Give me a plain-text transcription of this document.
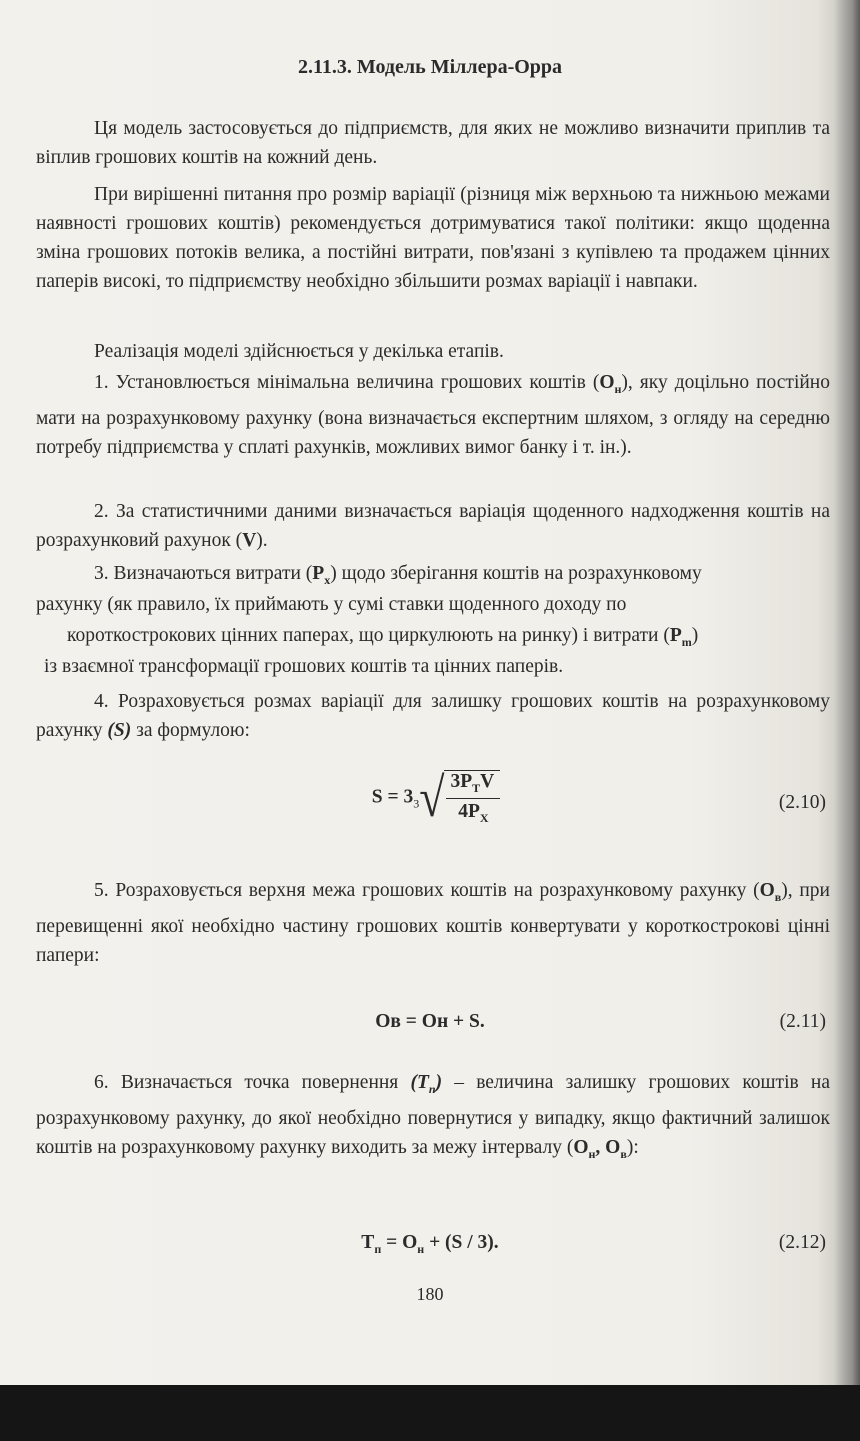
2.11.3. Модель Міллера-Орра

Ця модель застосовується до підприємств, для яких не можливо визначити приплив та віплив грошових коштів на кожний день.

При вирішенні питання про розмір варіації (різниця між верхньою та нижньою межами наявності грошових коштів) рекомендується дотримуватися такої політики: якщо щоденна зміна грошових потоків велика, а постійні витрати, пов'язані з купівлею та продажем цінних паперів високі, то підприємству необхідно збільшити розмах варіації і навпаки.

Реалізація моделі здійснюється у декілька етапів.

1. Установлюється мінімальна величина грошових коштів $(О_н)$, яку доцільно постійно мати на розрахунковому рахунку (вона визначається експертним шляхом, з огляду на середню потребу підприємства у сплаті рахунків, можливих вимог банку і т. ін.).

2. За статистичними даними визначається варіація щоденного надходження коштів на розрахунковий рахунок (V).

3. Визначаються витрати $(P_x)$ щодо зберігання коштів на розрахунковому
рахунку (як правило, їх приймають у сумі ставки щоденного доходу по
короткострокових цінних паперах, що циркулюють на ринку) і витрати $(P_m)$
із взаємної трансформації грошових коштів та цінних паперів.

4. Розраховується розмах варіації для залишку грошових коштів на розрахунковому рахунку (S) за формулою:

$S = 3_3√ \frac{3P_TV}{4P_X}$	(2.10)

5. Розраховується верхня межа грошових коштів на розрахунковому рахунку $(О_в)$, при перевищенні якої необхідно частину грошових коштів конвертувати у короткострокові цінні папери:

Ов = Он + S.	(2.11)

6. Визначається точка повернення $(Т_п)$ – величина залишку грошових коштів на розрахунковому рахунку, до якої необхідно повернутися у випадку, якщо фактичний залишок коштів на розрахунковому рахунку виходить за межу інтервалу ($О_н$, $О_в$):

$Т_п = О_н + (S / 3)$.	(2.12)
180
